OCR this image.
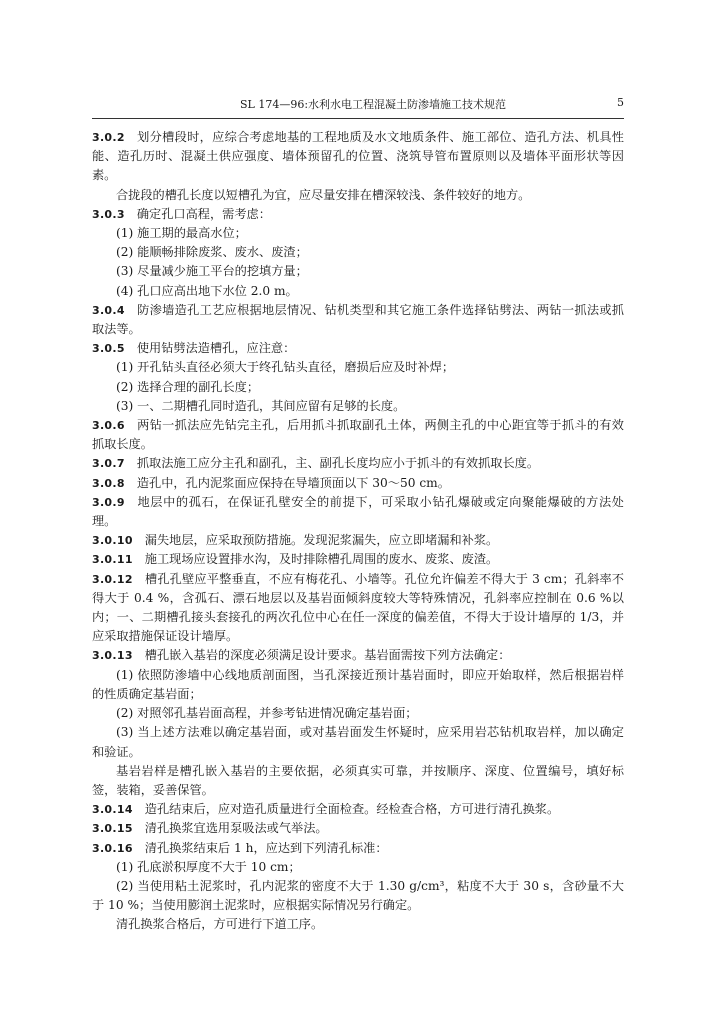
SL 174—96:水利水电工程混凝土防渗墙施工技术规范	5

3.0.2 划分槽段时，应综合考虑地基的工程地质及水文地质条件、施工部位、造孔方法、机具性能、造孔历时、混凝土供应强度、墙体预留孔的位置、浇筑导管布置原则以及墙体平面形状等因素。

合拢段的槽孔长度以短槽孔为宜，应尽量安排在槽深较浅、条件较好的地方。

3.0.3 确定孔口高程，需考虑：

(1) 施工期的最高水位；

(2) 能顺畅排除废浆、废水、废渣；

(3) 尽量减少施工平台的挖填方量；

(4) 孔口应高出地下水位 2.0 m。

3.0.4 防渗墙造孔工艺应根据地层情况、钻机类型和其它施工条件选择钻劈法、两钻一抓法或抓取法等。

3.0.5 使用钻劈法造槽孔，应注意：

(1) 开孔钻头直径必须大于终孔钻头直径，磨损后应及时补焊；

(2) 选择合理的副孔长度；

(3) 一、二期槽孔同时造孔，其间应留有足够的长度。

3.0.6 两钻一抓法应先钻完主孔，后用抓斗抓取副孔土体，两侧主孔的中心距宜等于抓斗的有效抓取长度。

3.0.7 抓取法施工应分主孔和副孔，主、副孔长度均应小于抓斗的有效抓取长度。

3.0.8 造孔中，孔内泥浆面应保持在导墙顶面以下 30～50 cm。

3.0.9 地层中的孤石，在保证孔壁安全的前提下，可采取小钻孔爆破或定向聚能爆破的方法处理。

3.0.10 漏失地层，应采取预防措施。发现泥浆漏失，应立即堵漏和补浆。

3.0.11 施工现场应设置排水沟，及时排除槽孔周围的废水、废浆、废渣。

3.0.12 槽孔孔壁应平整垂直，不应有梅花孔、小墙等。孔位允许偏差不得大于 3 cm；孔斜率不得大于 0.4 %，含孤石、漂石地层以及基岩面倾斜度较大等特殊情况，孔斜率应控制在 0.6 %以内；一、二期槽孔接头套接孔的两次孔位中心在任一深度的偏差值，不得大于设计墙厚的 1/3，并应采取措施保证设计墙厚。

3.0.13 槽孔嵌入基岩的深度必须满足设计要求。基岩面需按下列方法确定：

(1) 依照防渗墙中心线地质剖面图，当孔深接近预计基岩面时，即应开始取样，然后根据岩样的性质确定基岩面；

(2) 对照邻孔基岩面高程，并参考钻进情况确定基岩面；

(3) 当上述方法难以确定基岩面，或对基岩面发生怀疑时，应采用岩芯钻机取岩样，加以确定和验证。

基岩岩样是槽孔嵌入基岩的主要依据，必须真实可靠，并按顺序、深度、位置编号，填好标签，装箱，妥善保管。

3.0.14 造孔结束后，应对造孔质量进行全面检查。经检查合格，方可进行清孔换浆。

3.0.15 清孔换浆宜选用泵吸法或气举法。

3.0.16 清孔换浆结束后 1 h，应达到下列清孔标准：

(1) 孔底淤积厚度不大于 10 cm；

(2) 当使用粘土泥浆时，孔内泥浆的密度不大于 1.30 g/cm³，粘度不大于 30 s，含砂量不大于 10 %；当使用膨润土泥浆时，应根据实际情况另行确定。

清孔换浆合格后，方可进行下道工序。
